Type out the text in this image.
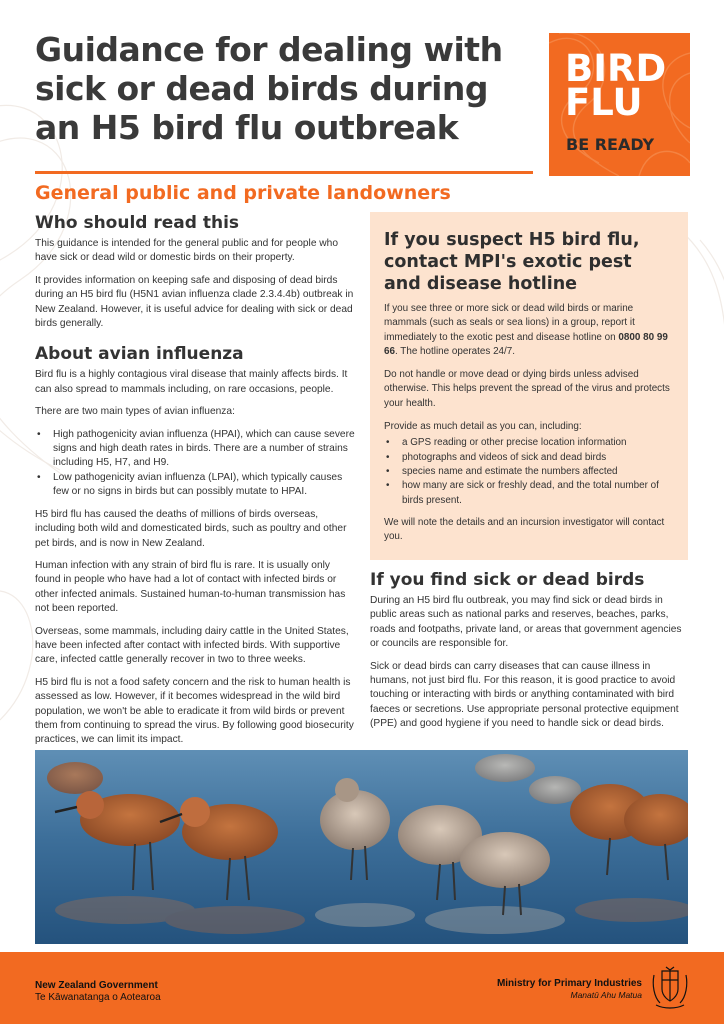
Guidance for dealing with sick or dead birds during an H5 bird flu outbreak
BIRD
FLU
BE READY
General public and private landowners
Who should read this

This guidance is intended for the general public and for people who have sick or dead wild or domestic birds on their property.

It provides information on keeping safe and disposing of dead birds during an H5 bird flu (H5N1 avian influenza clade 2.3.4.4b) outbreak in New Zealand. However, it is useful advice for dealing with sick or dead birds generally.

About avian influenza

Bird flu is a highly contagious viral disease that mainly affects birds. It can also spread to mammals including, on rare occasions, people.

There are two main types of avian influenza:

• High pathogenicity avian influenza (HPAI), which can cause severe signs and high death rates in birds. There are a number of strains including H5, H7, and H9.
• Low pathogenicity avian influenza (LPAI), which typically causes few or no signs in birds but can possibly mutate to HPAI.

H5 bird flu has caused the deaths of millions of birds overseas, including both wild and domesticated birds, such as poultry and other pet birds, and is now in New Zealand.

Human infection with any strain of bird flu is rare. It is usually only found in people who have had a lot of contact with infected birds or other infected animals. Sustained human-to-human transmission has not been reported.

Overseas, some mammals, including dairy cattle in the United States, have been infected after contact with infected birds. With supportive care, infected cattle generally recover in two to three weeks.

H5 bird flu is not a food safety concern and the risk to human health is assessed as low. However, if it becomes widespread in the wild bird population, we won't be able to eradicate it from wild birds or prevent them from continuing to spread the virus. By following good biosecurity practices, we can limit its impact.

If you suspect H5 bird flu, contact MPI's exotic pest and disease hotline

If you see three or more sick or dead wild birds or marine mammals (such as seals or sea lions) in a group, report it immediately to the exotic pest and disease hotline on 0800 80 99 66. The hotline operates 24/7.

Do not handle or move dead or dying birds unless advised otherwise. This helps prevent the spread of the virus and protects your health.

Provide as much detail as you can, including:

• a GPS reading or other precise location information
• photographs and videos of sick and dead birds
• species name and estimate the numbers affected
• how many are sick or freshly dead, and the total number of birds present.

We will note the details and an incursion investigator will contact you.

If you find sick or dead birds

During an H5 bird flu outbreak, you may find sick or dead birds in public areas such as national parks and reserves, beaches, parks, roads and footpaths, private land, or areas that government agencies or councils are responsible for.

Sick or dead birds can carry diseases that can cause illness in humans, not just bird flu. For this reason, it is good practice to avoid touching or interacting with birds or anything contaminated with bird faeces or secretions. Use appropriate personal protective equipment (PPE) and good hygiene if you need to handle sick or dead birds.

New Zealand Government
Te Kāwanatanga o Aotearoa
Ministry for Primary Industries
Manatū Ahu Matua
